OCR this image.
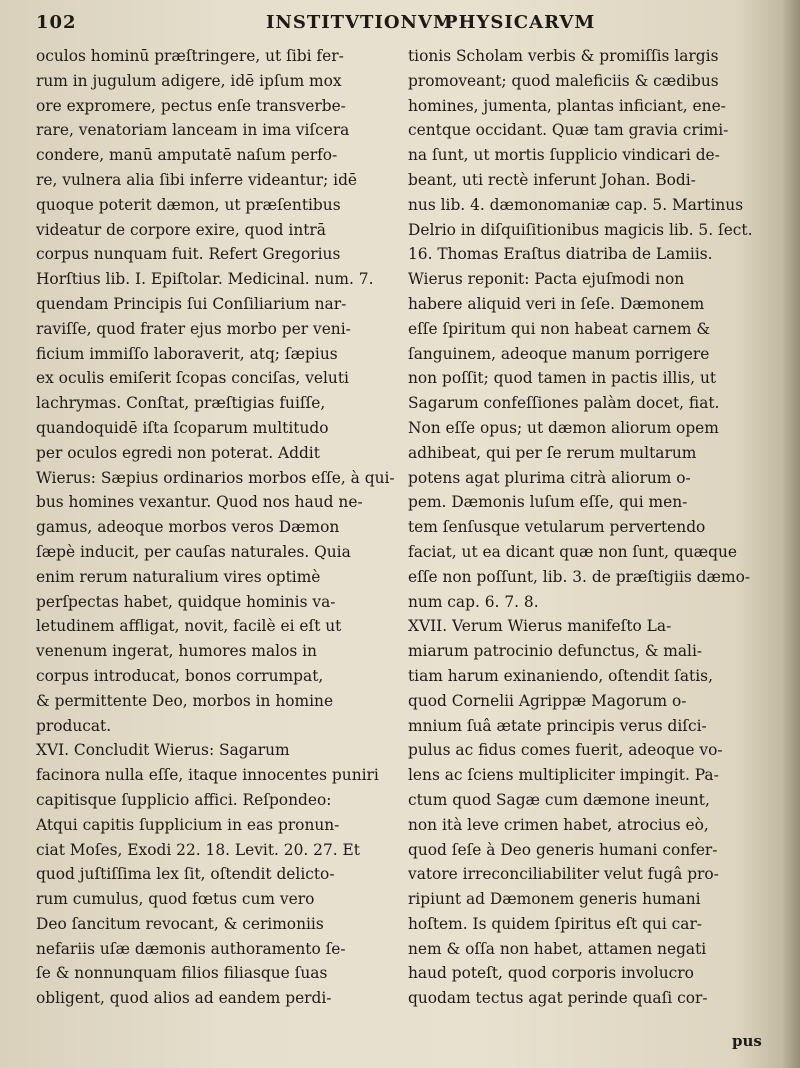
102	INSTITVTIONVM
PHYSICARVM
oculos hominū præſtringere, ut ſibi fer-
rum in jugulum adigere, idē ipſum mox
ore expromere, pectus enſe transverbe-
rare, venatoriam lanceam in ima viſcera
condere, manū amputatē naſum perfo-
re, vulnera alia ſibi inferre videantur; idē
quoque poterit dæmon, ut præſentibus
videatur de corpore exire, quod intrā
corpus nunquam fuit. Refert Gregorius
Horſtius lib. I. Epiſtolar. Medicinal. num. 7.
quendam Principis ſui Conſiliarium nar-
raviſſe, quod frater ejus morbo per veni-
ficium immiſſo laboraverit, atq; ſæpius
ex oculis emiſerit ſcopas conciſas, veluti
lachrymas. Conſtat, præſtigias fuiſſe,
quandoquidē iſta ſcoparum multitudo
per oculos egredi non poterat. Addit
Wierus: Sæpius ordinarios morbos eſſe, à qui-
bus homines vexantur. Quod nos haud ne-
gamus, adeoque morbos veros Dæmon
ſæpè inducit, per cauſas naturales. Quia
enim rerum naturalium vires optimè
perſpectas habet, quidque hominis va-
letudinem affligat, novit, facilè ei eſt ut
venenum ingerat, humores malos in
corpus introducat, bonos corrumpat,
& permittente Deo, morbos in homine
producat.
XVI. Concludit Wierus: Sagarum
facinora nulla eſſe, itaque innocentes puniri
capitisque ſupplicio affici. Reſpondeo:
Atqui capitis ſupplicium in eas pronun-
ciat Moſes, Exodi 22. 18. Levit. 20. 27. Et
quod juſtiſſima lex ſit, oſtendit delicto-
rum cumulus, quod fœtus cum vero
Deo ſancitum revocant, & cerimoniis
nefariis uſæ dæmonis authoramento ſe-
ſe & nonnunquam filios filiasque ſuas
obligent, quod alios ad eandem perdi-
tionis Scholam verbis & promiſſis largis
promoveant; quod maleficiis & cædibus
homines, jumenta, plantas inficiant, ene-
centque occidant. Quæ tam gravia crimi-
na ſunt, ut mortis ſupplicio vindicari de-
beant, uti rectè inferunt Johan. Bodi-
nus lib. 4. dæmonomaniæ cap. 5. Martinus
Delrio in diſquiſitionibus magicis lib. 5. ſect.
16. Thomas Eraſtus diatriba de Lamiis.
Wierus reponit: Pacta ejuſmodi non
habere aliquid veri in ſeſe. Dæmonem
eſſe ſpiritum qui non habeat carnem &
ſanguinem, adeoque manum porrigere
non poſſit; quod tamen in pactis illis, ut
Sagarum confeſſiones palàm docet, fiat.
Non eſſe opus; ut dæmon aliorum opem
adhibeat, qui per ſe rerum multarum
potens agat plurima citrà aliorum o-
pem. Dæmonis luſum eſſe, qui men-
tem ſenſusque vetularum pervertendo
faciat, ut ea dicant quæ non ſunt, quæque
eſſe non poſſunt, lib. 3. de præſtigiis dæmo-
num cap. 6. 7. 8.
XVII. Verum Wierus manifeſto La-
miarum patrocinio defunctus, & mali-
tiam harum exinaniendo, oſtendit ſatis,
quod Cornelii Agrippæ Magorum o-
mnium ſuâ ætate principis verus diſci-
pulus ac fidus comes fuerit, adeoque vo-
lens ac ſciens multipliciter impingit. Pa-
ctum quod Sagæ cum dæmone ineunt,
non ità leve crimen habet, atrocius eò,
quod ſeſe à Deo generis humani confer-
vatore irreconciliabiliter velut fugâ pro-
ripiunt ad Dæmonem generis humani
hoſtem. Is quidem ſpiritus eſt qui car-
nem & oſſa non habet, attamen negati
haud poteſt, quod corporis involucro
quodam tectus agat perinde quaſi cor-
pus
